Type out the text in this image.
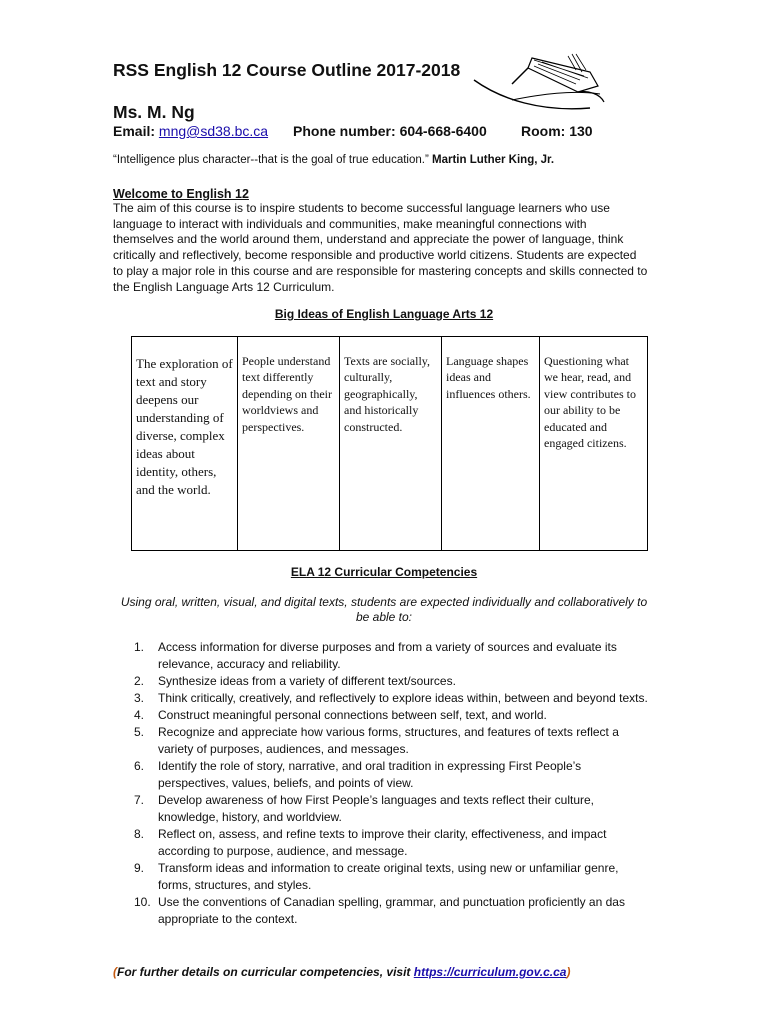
RSS English 12 Course Outline 2017-2018
Ms. M. Ng
Email: mng@sd38.bc.ca Phone number: 604-668-6400 Room: 130
“Intelligence plus character--that is the goal of true education.” Martin Luther King, Jr.
Welcome to English 12
The aim of this course is to inspire students to become successful language learners who use language to interact with individuals and communities, make meaningful connections with themselves and the world around them, understand and appreciate the power of language, think critically and reflectively, become responsible and productive world citizens. Students are expected to play a major role in this course and are responsible for mastering concepts and skills connected to the English Language Arts 12 Curriculum.
Big Ideas of English Language Arts 12
The exploration of text and story deepens our understanding of diverse, complex ideas about identity, others, and the world.	People understand text differently depending on their worldviews and perspectives.	Texts are socially, culturally, geographically, and historically constructed.	Language shapes ideas and influences others.	Questioning what we hear, read, and view contributes to our ability to be educated and engaged citizens.
ELA 12 Curricular Competencies
Using oral, written, visual, and digital texts, students are expected individually and collaboratively to be able to:
1.	Access information for diverse purposes and from a variety of sources and evaluate its relevance, accuracy and reliability.
2.	Synthesize ideas from a variety of different text/sources.
3.	Think critically, creatively, and reflectively to explore ideas within, between and beyond texts.
4.	Construct meaningful personal connections between self, text, and world.
5.	Recognize and appreciate how various forms, structures, and features of texts reflect a variety of purposes, audiences, and messages.
6.	Identify the role of story, narrative, and oral tradition in expressing First People’s perspectives, values, beliefs, and points of view.
7.	Develop awareness of how First People’s languages and texts reflect their culture, knowledge, history, and worldview.
8.	Reflect on, assess, and refine texts to improve their clarity, effectiveness, and impact according to purpose, audience, and message.
9.	Transform ideas and information to create original texts, using new or unfamiliar genre, forms, structures, and styles.
10. Use the conventions of Canadian spelling, grammar, and punctuation proficiently an das appropriate to the context.
(For further details on curricular competencies, visit https://curriculum.gov.c.ca)
